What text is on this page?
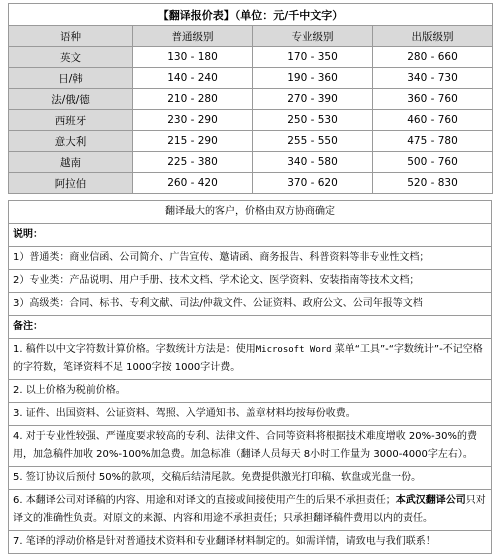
【翻译报价表】（单位：元/千中文字）			
语种	普通级别	专业级别	出版级别
英文	130 - 180	170 - 350	280 - 660
日/韩	140 - 240	190 - 360	340 - 730
法/俄/德	210 - 280	270 - 390	360 - 760
西班牙	230 - 290	250 - 530	460 - 760
意大利	215 - 290	255 - 550	475 - 780
越南	225 - 380	340 - 580	500 - 760
阿拉伯	260 - 420	370 - 620	520 - 830
翻译最大的客户，价格由双方协商确定
说明：
1）普通类：商业信函、公司简介、广告宣传、邀请函、商务报告、科普资料等非专业性文档；
2）专业类：产品说明、用户手册、技术文档、学术论文、医学资料、安装指南等技术文档；
3）高级类：合同、标书、专利文献、司法/仲裁文件、公证资料、政府公文、公司年报等文档
备注：
1. 稿件以中文字符数计算价格。字数统计方法是：使用Microsoft Word 菜单“工具”-“字数统计”-不记空格的字符数，笔译资料不足 1000字按 1000字计费。
2. 以上价格为税前价格。
3. 证件、出国资料、公证资料、驾照、入学通知书、盖章材料均按每份收费。
4. 对于专业性较强、严谨度要求较高的专利、法律文件、合同等资料将根据技术难度增收 20%-30%的费用，加急稿件加收 20%-100%加急费。加急标准（翻译人员每天 8小时工作量为 3000-4000字左右）。
5. 签订协议后预付 50%的款项，交稿后结清尾款。免费提供激光打印稿、软盘或光盘一份。
6. 本翻译公司对译稿的内容、用途和对译文的直接或间接使用产生的后果不承担责任；本武汉翻译公司只对译文的准确性负责。对原文的来源、内容和用途不承担责任；只承担翻译稿件费用以内的责任。
7. 笔译的浮动价格是针对普通技术资料和专业翻译材料制定的。如需详情，请致电与我们联系！
